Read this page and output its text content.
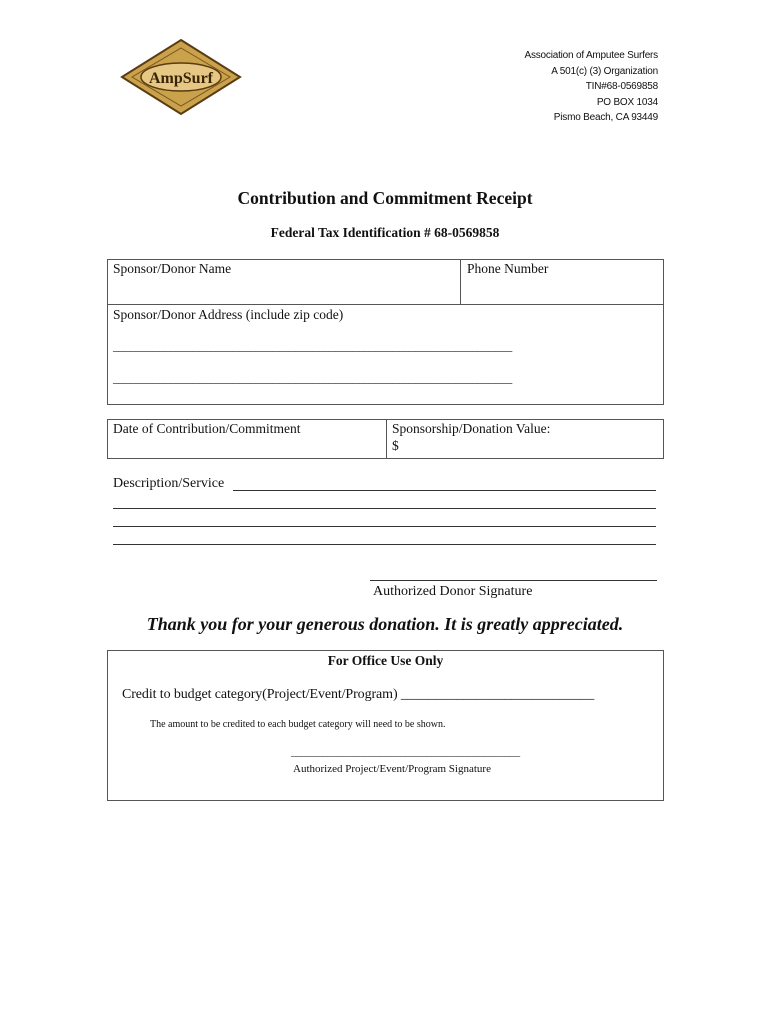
AmpSurf
Association of Amputee Surfers
A 501(c) (3) Organization
TIN#68-0569858
PO BOX 1034
Pismo Beach, CA 93449
Contribution and Commitment Receipt
Federal Tax Identification # 68-0569858
Sponsor/Donor Name	Phone Number
Sponsor/Donor Address (include zip code)
______________________________________________________________________
______________________________________________________________________
Date of Contribution/Commitment	Sponsorship/Donation Value:
$
Description/Service
Authorized Donor Signature
Thank you for your generous donation. It is greatly appreciated.
For Office Use Only
Credit to budget category(Project/Event/Program) ____________________________
The amount to be credited to each budget category will need to be shown.
____________________________________________
Authorized Project/Event/Program Signature
